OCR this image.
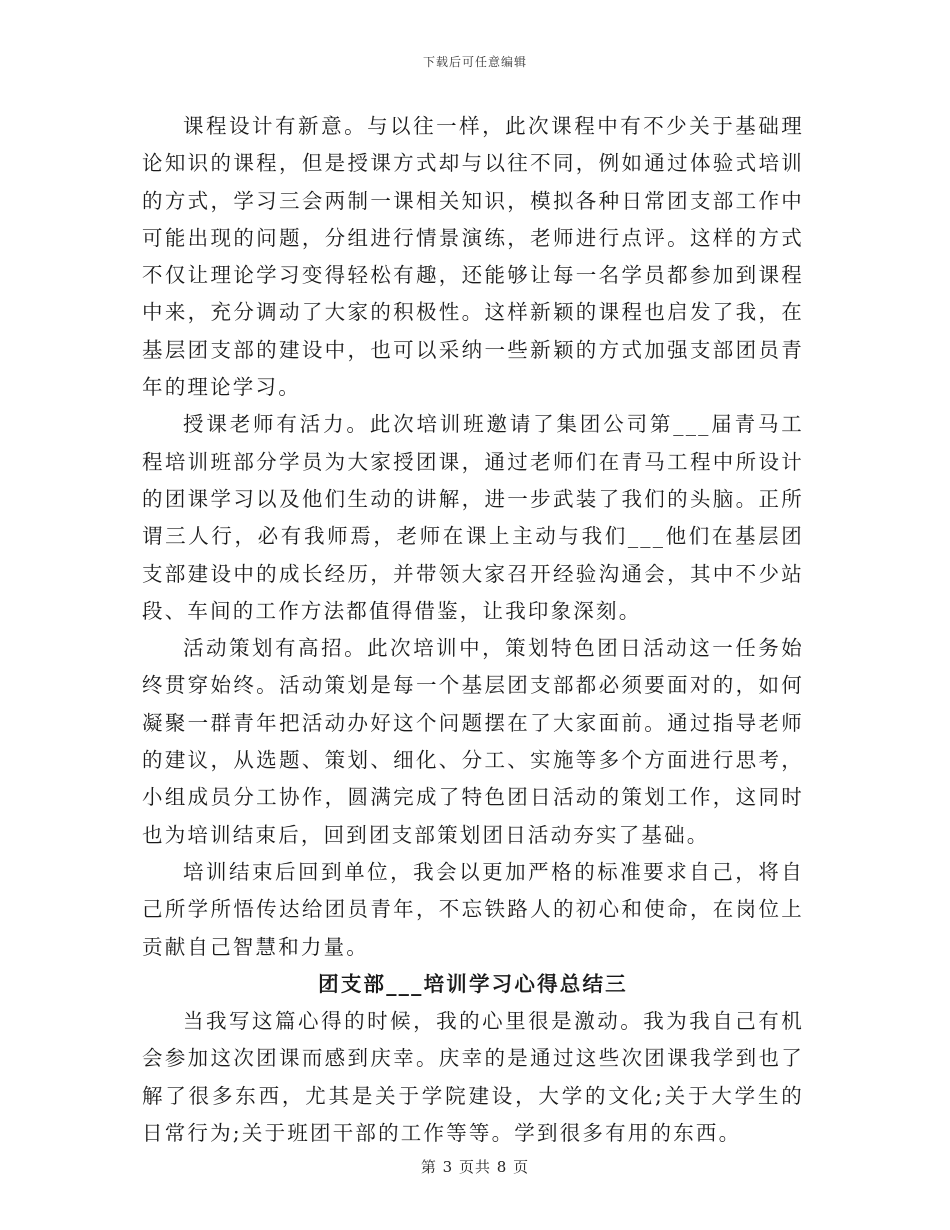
下载后可任意编辑

课程设计有新意。与以往一样，此次课程中有不少关于基础理论知识的课程，但是授课方式却与以往不同，例如通过体验式培训的方式，学习三会两制一课相关知识，模拟各种日常团支部工作中可能出现的问题，分组进行情景演练，老师进行点评。这样的方式不仅让理论学习变得轻松有趣，还能够让每一名学员都参加到课程中来，充分调动了大家的积极性。这样新颖的课程也启发了我，在基层团支部的建设中，也可以采纳一些新颖的方式加强支部团员青年的理论学习。

授课老师有活力。此次培训班邀请了集团公司第___届青马工程培训班部分学员为大家授团课，通过老师们在青马工程中所设计的团课学习以及他们生动的讲解，进一步武装了我们的头脑。正所谓三人行，必有我师焉，老师在课上主动与我们___他们在基层团支部建设中的成长经历，并带领大家召开经验沟通会，其中不少站段、车间的工作方法都值得借鉴，让我印象深刻。

活动策划有高招。此次培训中，策划特色团日活动这一任务始终贯穿始终。活动策划是每一个基层团支部都必须要面对的，如何凝聚一群青年把活动办好这个问题摆在了大家面前。通过指导老师的建议，从选题、策划、细化、分工、实施等多个方面进行思考，小组成员分工协作，圆满完成了特色团日活动的策划工作，这同时也为培训结束后，回到团支部策划团日活动夯实了基础。

培训结束后回到单位，我会以更加严格的标准要求自己，将自己所学所悟传达给团员青年，不忘铁路人的初心和使命，在岗位上贡献自己智慧和力量。

团支部___培训学习心得总结三

当我写这篇心得的时候，我的心里很是激动。我为我自己有机会参加这次团课而感到庆幸。庆幸的是通过这些次团课我学到也了解了很多东西，尤其是关于学院建设，大学的文化;关于大学生的日常行为;关于班团干部的工作等等。学到很多有用的东西。

第 3 页共 8 页
